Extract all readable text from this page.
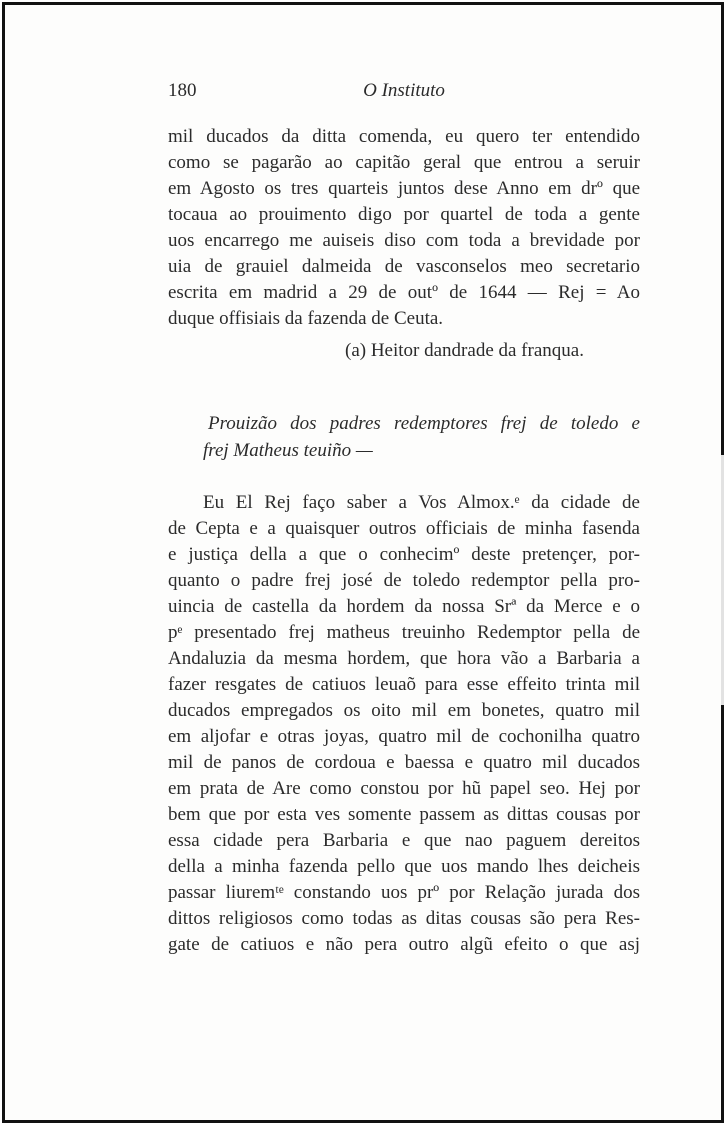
180	O Instituto
mil ducados da ditta comenda, eu quero ter entendido
como se pagarão ao capitão geral que entrou a seruir
em Agosto os tres quarteis juntos dese Anno em drº que
tocaua ao prouimento digo por quartel de toda a gente
uos encarrego me auiseis diso com toda a brevidade por
uia de grauiel dalmeida de vasconselos meo secretario
escrita em madrid a 29 de outº de 1644 — Rej = Ao
duque offisiais da fazenda de Ceuta.
(a) Heitor dandrade da franqua.
Prouizão dos padres redemptores frej de toledo e
frej Matheus teuiño —
Eu El Rej faço saber a Vos Almox.ᵉ da cidade de
de Cepta e a quaisquer outros officiais de minha fasenda
e justiça della a que o conhecimº deste pretençer, por-
quanto o padre frej josé de toledo redemptor pella pro-
uincia de castella da hordem da nossa Srª da Merce e o
pᵉ presentado frej matheus treuinho Redemptor pella de
Andaluzia da mesma hordem, que hora vão a Barbaria a
fazer resgates de catiuos leuaõ para esse effeito trinta mil
ducados empregados os oito mil em bonetes, quatro mil
em aljofar e otras joyas, quatro mil de cochonilha quatro
mil de panos de cordoua e baessa e quatro mil ducados
em prata de Are como constou por hũ papel seo. Hej por
bem que por esta ves somente passem as dittas cousas por
essa cidade pera Barbaria e que nao paguem dereitos
della a minha fazenda pello que uos mando lhes deicheis
passar liuremᵗᵉ constando uos prº por Relação jurada dos
dittos religiosos como todas as ditas cousas são pera Res-
gate de catiuos e não pera outro algũ efeito o que asj
